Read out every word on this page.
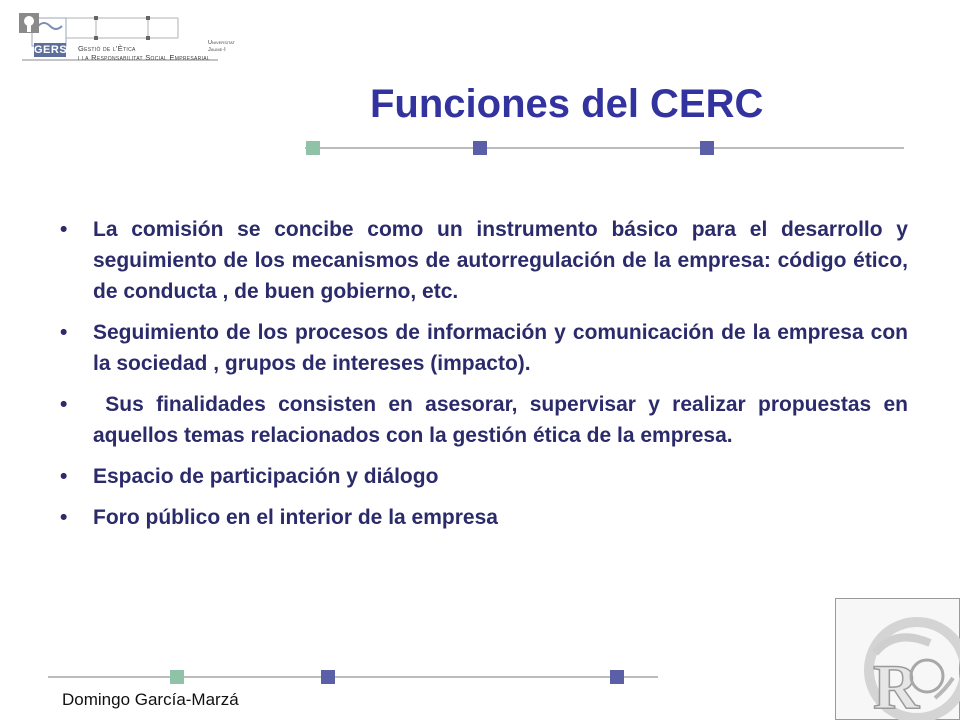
GERSE Gestió de l'Ètica
i la Responsabilitat Social Empresarial
Universitat
Jaume·I
Funciones del CERC
•	La comisión se concibe como un instrumento básico para el desarrollo y seguimiento de los mecanismos de autorregulación de la empresa: código ético, de conducta , de buen gobierno, etc.
•	Seguimiento de los procesos de información y comunicación de la empresa con la sociedad , grupos de intereses (impacto).
•	Sus finalidades consisten en asesorar, supervisar y realizar propuestas en aquellos temas relacionados con la gestión ética de la empresa.
•	Espacio de participación y diálogo
•	Foro público en el interior de la empresa
Domingo García-Marzá	R
